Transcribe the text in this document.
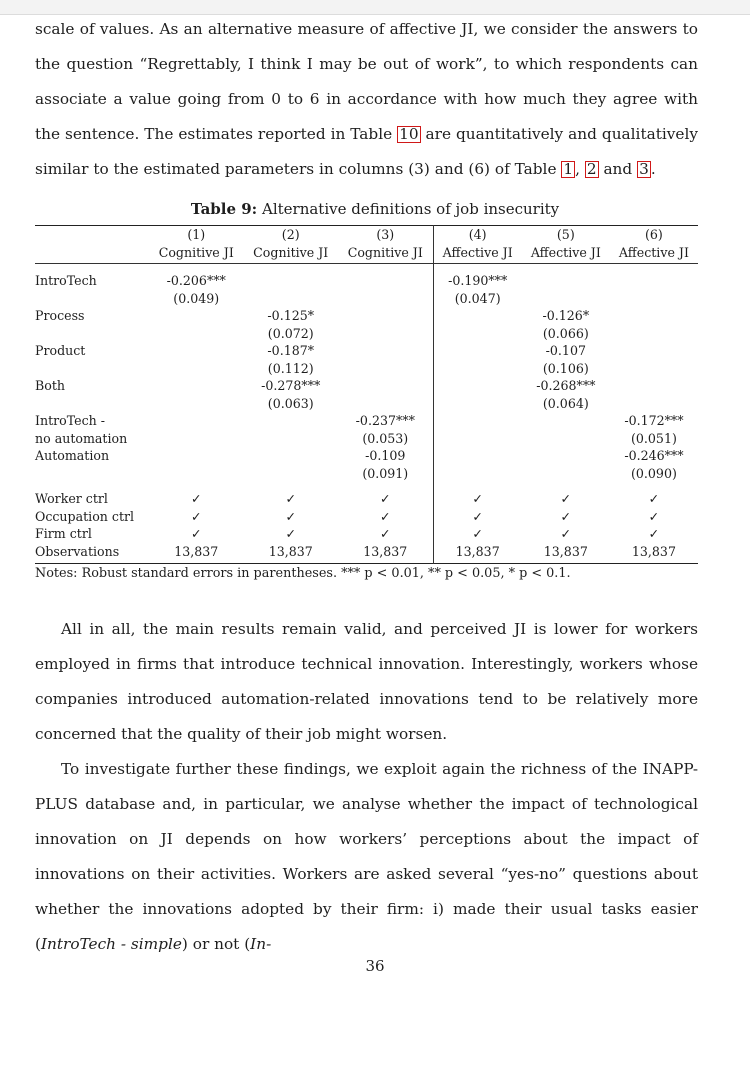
scale of values. As an alternative measure of affective JI, we consider the answers to the question “Regrettably, I think I may be out of work”, to which respondents can associate a value going from 0 to 6 in accordance with how much they agree with the sentence. The estimates reported in Table 10 are quantitatively and qualitatively similar to the estimated parameters in columns (3) and (6) of Table 1 , 2 and 3 .

Table 9: Alternative definitions of job insecurity
	(1)	(2)	(3)	(4)	(5)	(6)
	Cognitive JI	Cognitive JI	Cognitive JI	Affective JI	Affective JI	Affective JI
IntroTech	-0.206***			-0.190***		
	(0.049)			(0.047)		
Process		-0.125*			-0.126*	
		(0.072)			(0.066)	
Product		-0.187*			-0.107	
		(0.112)			(0.106)	
Both		-0.278***			-0.268***	
		(0.063)			(0.064)	
IntroTech -			-0.237***			-0.172***
no automation			(0.053)			(0.051)
Automation			-0.109			-0.246***
			(0.091)			(0.090)
Worker ctrl	✓	✓	✓	✓	✓	✓
Occupation ctrl	✓	✓	✓	✓	✓	✓
Firm ctrl	✓	✓	✓	✓	✓	✓
Observations	13,837	13,837	13,837	13,837	13,837	13,837
Notes: Robust standard errors in parentheses. *** p < 0.01, ** p < 0.05, * p < 0.1.

All in all, the main results remain valid, and perceived JI is lower for workers employed in firms that introduce technical innovation. Interestingly, workers whose companies introduced automation-related innovations tend to be relatively more concerned that the quality of their job might worsen.

To investigate further these findings, we exploit again the richness of the INAPP-PLUS database and, in particular, we analyse whether the impact of technological innovation on JI depends on how workers’ perceptions about the impact of innovations on their activities. Workers are asked several “yes-no” questions about whether the innovations adopted by their firm: i) made their usual tasks easier (IntroTech - simple) or not (In-

36
